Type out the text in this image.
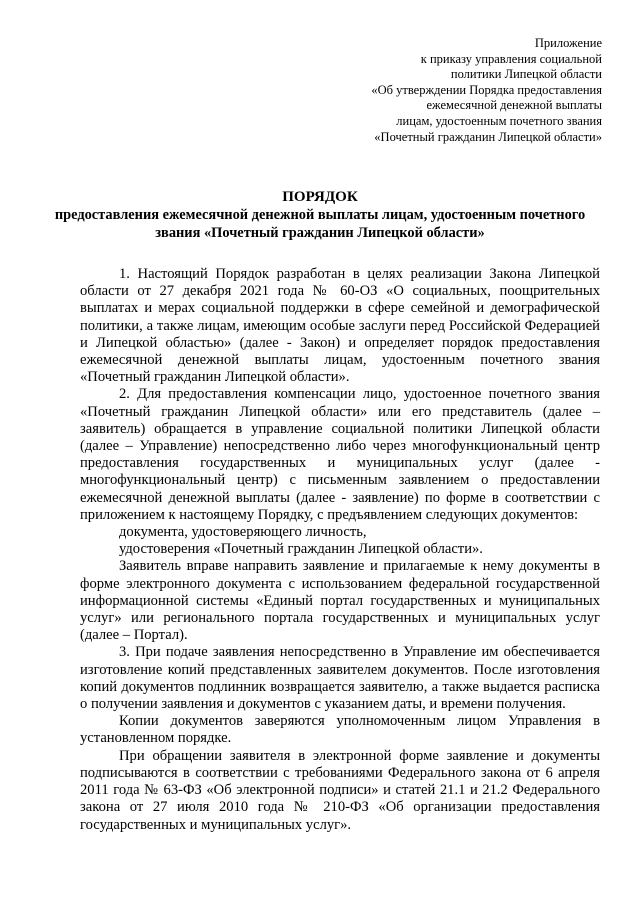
Приложение
к приказу управления социальной
политики Липецкой области
«Об утверждении Порядка предоставления
ежемесячной денежной выплаты
лицам, удостоенным почетного звания
«Почетный гражданин Липецкой области»
ПОРЯДОК
предоставления ежемесячной денежной выплаты лицам, удостоенным почетного звания «Почетный гражданин Липецкой области»

1. Настоящий Порядок разработан в целях реализации Закона Липецкой области от 27 декабря 2021 года № 60-ОЗ «О социальных, поощрительных выплатах и мерах социальной поддержки в сфере семейной и демографической политики, а также лицам, имеющим особые заслуги перед Российской Федерацией и Липецкой областью» (далее - Закон) и определяет порядок предоставления ежемесячной денежной выплаты лицам, удостоенным почетного звания «Почетный гражданин Липецкой области».

2. Для предоставления компенсации лицо, удостоенное почетного звания «Почетный гражданин Липецкой области» или его представитель (далее – заявитель) обращается в управление социальной политики Липецкой области (далее – Управление) непосредственно либо через многофункциональный центр предоставления государственных и муниципальных услуг (далее - многофункциональный центр) с письменным заявлением о предоставлении ежемесячной денежной выплаты (далее - заявление) по форме в соответствии с приложением к настоящему Порядку, с предъявлением следующих документов:

документа, удостоверяющего личность,

удостоверения «Почетный гражданин Липецкой области».

Заявитель вправе направить заявление и прилагаемые к нему документы в форме электронного документа с использованием федеральной государственной информационной системы «Единый портал государственных и муниципальных услуг» или регионального портала государственных и муниципальных услуг (далее – Портал).

3. При подаче заявления непосредственно в Управление им обеспечивается изготовление копий представленных заявителем документов. После изготовления копий документов подлинник возвращается заявителю, а также выдается расписка о получении заявления и документов с указанием даты, и времени получения.

Копии документов заверяются уполномоченным лицом Управления в установленном порядке.

При обращении заявителя в электронной форме заявление и документы подписываются в соответствии с требованиями Федерального закона от 6 апреля 2011 года № 63-ФЗ «Об электронной подписи» и статей 21.1 и 21.2 Федерального закона от 27 июля 2010 года № 210-ФЗ «Об организации предоставления государственных и муниципальных услуг».
